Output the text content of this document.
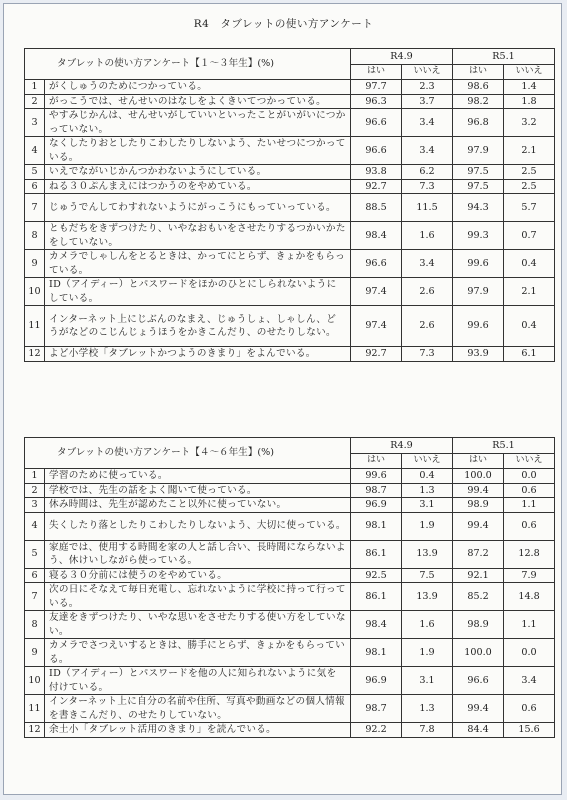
R4　タブレットの使い方アンケート
タブレットの使い方アンケート【１～３年生】(%)		R4.9		R5.1	
		はい	いいえ	はい	いいえ
1	がくしゅうのためにつかっている。	97.7	2.3	98.6	1.4
2	がっこうでは、せんせいのはなしをよくきいてつかっている。	96.3	3.7	98.2	1.8
3	やすみじかんは、せんせいがしていいといったことがいがいにつかっていない。	96.6	3.4	96.8	3.2
4	なくしたりおとしたりこわしたりしないよう、たいせつにつかっている。	96.6	3.4	97.9	2.1
5	いえでながいじかんつかわないようにしている。	93.8	6.2	97.5	2.5
6	ねる３０ぷんまえにはつかうのをやめている。	92.7	7.3	97.5	2.5
7	じゅうでんしてわすれないようにがっこうにもっていっている。	88.5	11.5	94.3	5.7
8	ともだちをきずつけたり、いやなおもいをさせたりするつかいかたをしていない。	98.4	1.6	99.3	0.7
9	カメラでしゃしんをとるときは、かってにとらず、きょかをもらっている。	96.6	3.4	99.6	0.4
10	ID（アイディー）とパスワードをほかのひとにしられないようにしている。	97.4	2.6	97.9	2.1
11	インターネット上にじぶんのなまえ、じゅうしょ、しゃしん、どうがなどのこじんじょうほうをかきこんだり、のせたりしない。	97.4	2.6	99.6	0.4
12	よど小学校「タブレットかつようのきまり」をよんでいる。	92.7	7.3	93.9	6.1
タブレットの使い方アンケート【４～６年生】(%)		R4.9		R5.1	
		はい	いいえ	はい	いいえ
1	学習のために使っている。	99.6	0.4	100.0	0.0
2	学校では、先生の話をよく聞いて使っている。	98.7	1.3	99.4	0.6
3	休み時間は、先生が認めたこと以外に使っていない。	96.9	3.1	98.9	1.1
4	失くしたり落としたりこわしたりしないよう、大切に使っている。	98.1	1.9	99.4	0.6
5	家庭では、使用する時間を家の人と話し合い、長時間にならないよう、休けいしながら使っている。	86.1	13.9	87.2	12.8
6	寝る３０分前には使うのをやめている。	92.5	7.5	92.1	7.9
7	次の日にそなえて毎日充電し、忘れないように学校に持って行っている。	86.1	13.9	85.2	14.8
8	友達をきずつけたり、いやな思いをさせたりする使い方をしていない。	98.4	1.6	98.9	1.1
9	カメラでさつえいするときは、勝手にとらず、きょかをもらっている。	98.1	1.9	100.0	0.0
10	ID（アイディー）とパスワードを他の人に知られないように気を付けている。	96.9	3.1	96.6	3.4
11	インターネット上に自分の名前や住所、写真や動画などの個人情報を書きこんだり、のせたりしていない。	98.7	1.3	99.4	0.6
12	余土小「タブレット活用のきまり」を読んでいる。	92.2	7.8	84.4	15.6
